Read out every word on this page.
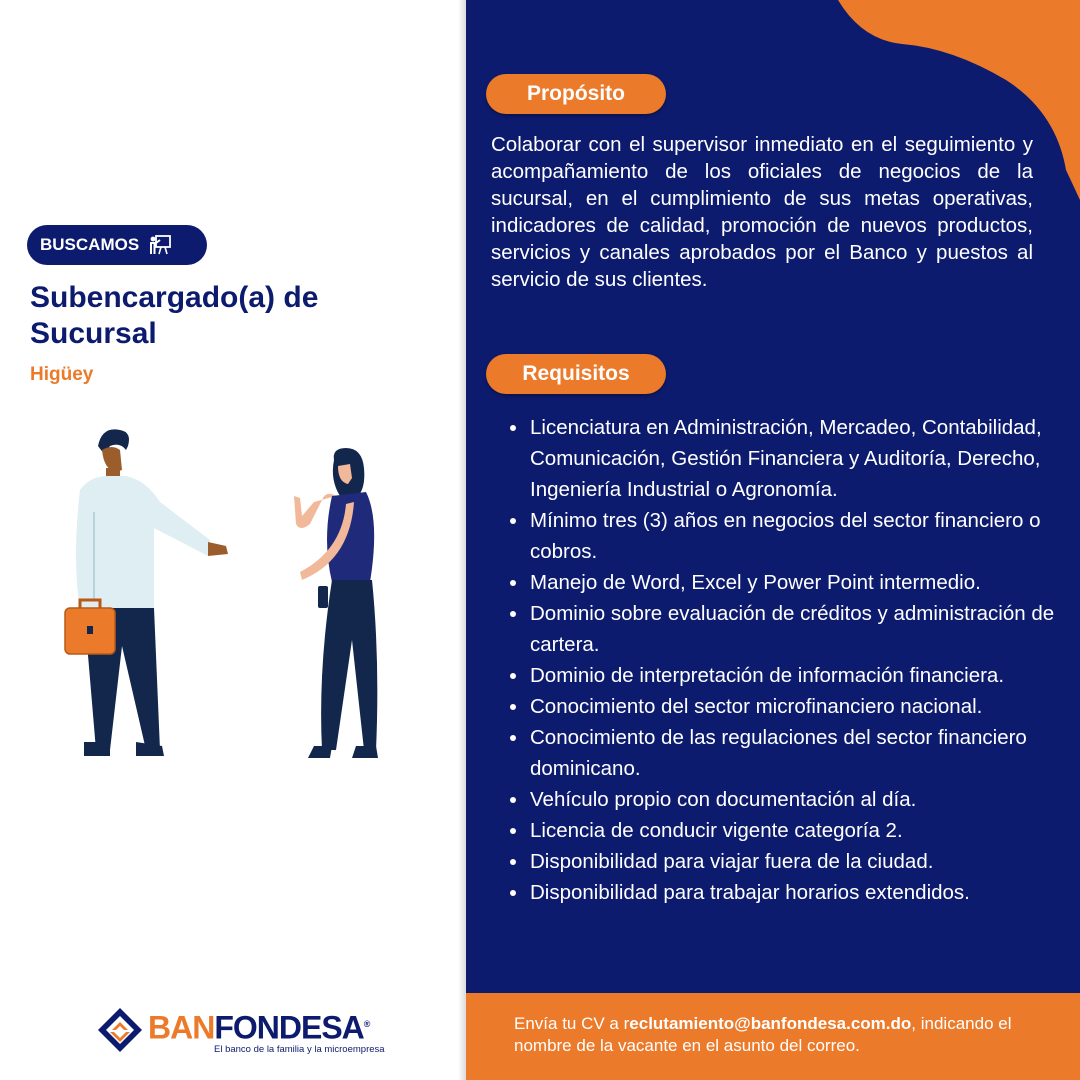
BUSCAMOS
Subencargado(a) de Sucursal
Higüey
BANFONDESA®
El banco de la familia y la microempresa
Propósito
Colaborar con el supervisor inmediato en el seguimiento y acompañamiento de los oficiales de negocios de la sucursal, en el cumplimiento de sus metas operativas, indicadores de calidad, promoción de nuevos productos, servicios y canales aprobados por el Banco y puestos al servicio de sus clientes.
Requisitos
• Licenciatura en Administración, Mercadeo, Contabilidad, Comunicación, Gestión Financiera y Auditoría, Derecho, Ingeniería Industrial o Agronomía.
• Mínimo tres (3) años en negocios del sector financiero o cobros.
• Manejo de Word, Excel y Power Point intermedio.
• Dominio sobre evaluación de créditos y administración de cartera.
• Dominio de interpretación de información financiera.
• Conocimiento del sector microfinanciero nacional.
• Conocimiento de las regulaciones del sector financiero dominicano.
• Vehículo propio con documentación al día.
• Licencia de conducir vigente categoría 2.
• Disponibilidad para viajar fuera de la ciudad.
• Disponibilidad para trabajar horarios extendidos.
Envía tu CV a reclutamiento@banfondesa.com.do, indicando el nombre de la vacante en el asunto del correo.
